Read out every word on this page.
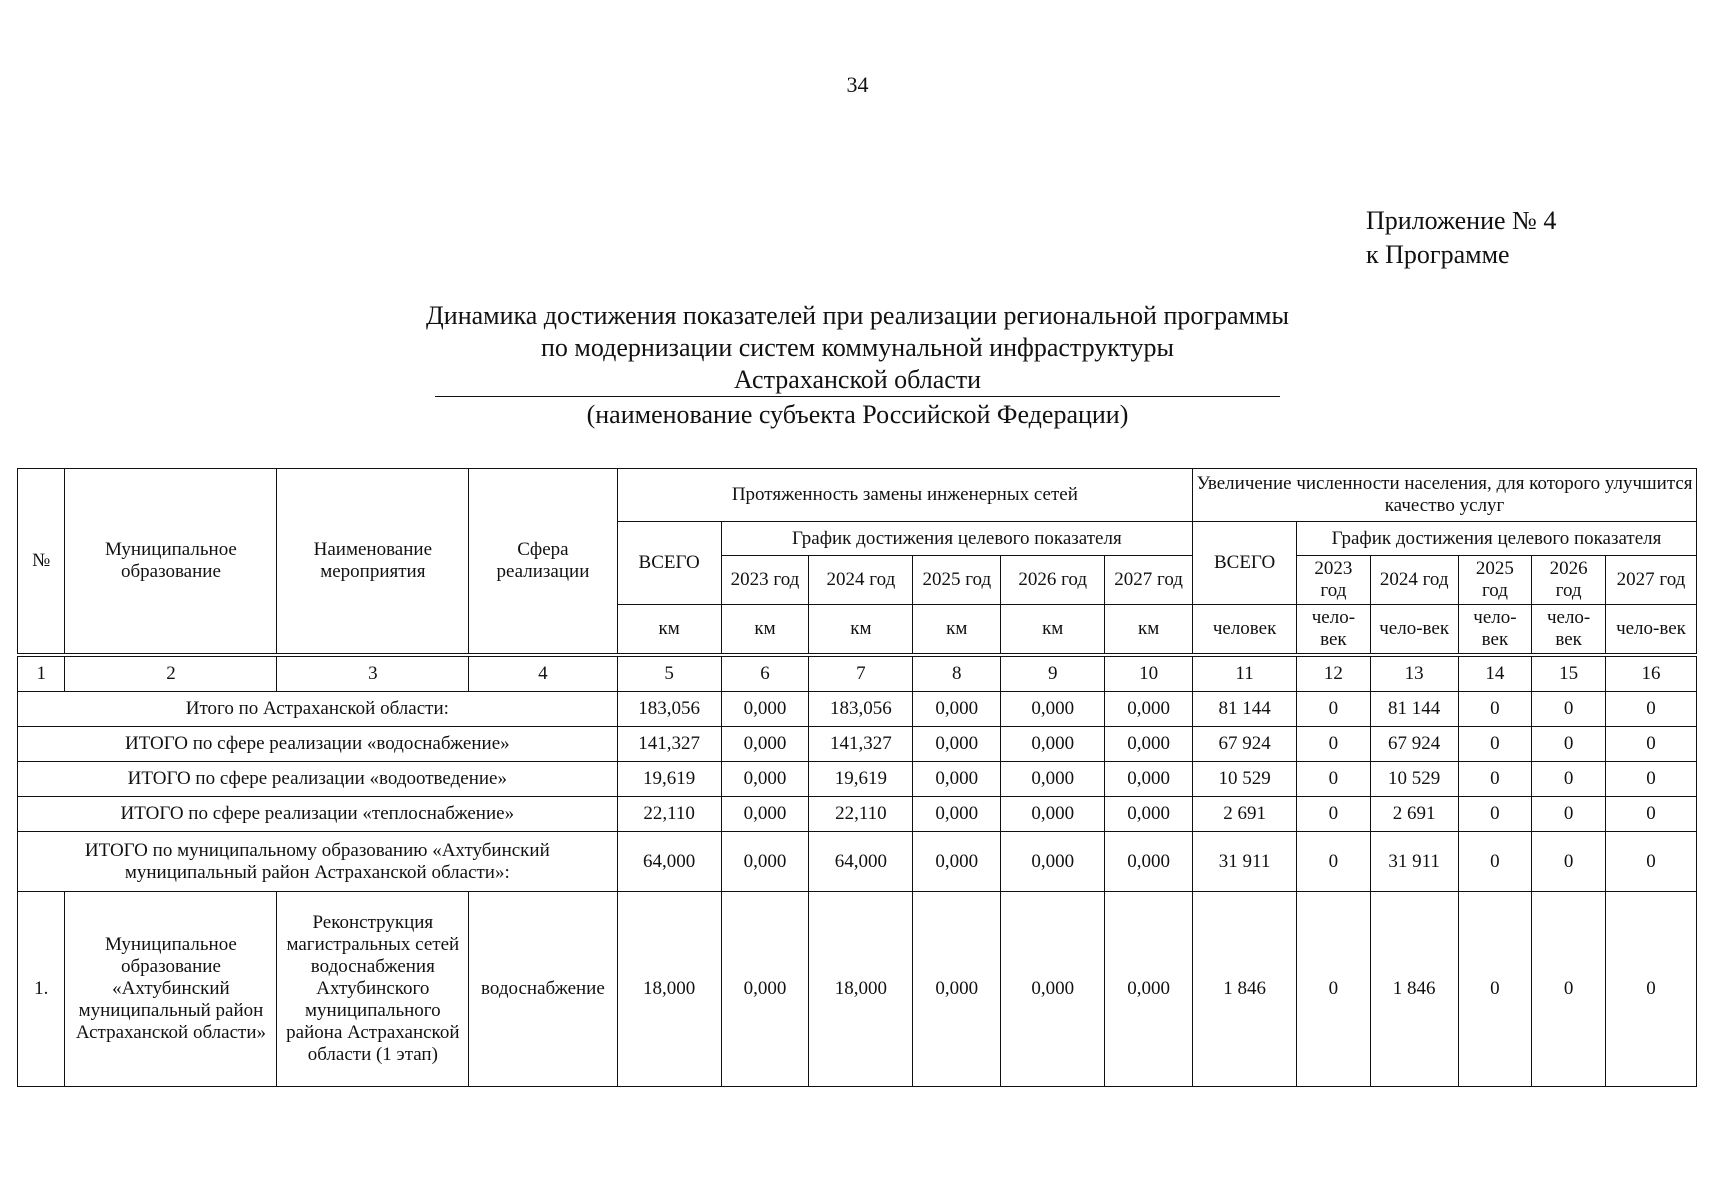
34
Приложение № 4
к Программе
Динамика достижения показателей при реализации региональной программы
по модернизации систем коммунальной инфраструктуры
Астраханской области
(наименование субъекта Российской Федерации)
№	Муниципальное образование	Наименование мероприятия	Сфера реализации	Протяженность замены инженерных сетей						Увеличение численности населения, для которого улучшится качество услуг					
				ВСЕГО	График достижения целевого показателя					ВСЕГО	График достижения целевого показателя				
					2023 год	2024 год	2025 год	2026 год	2027 год		2023 год	2024 год	2025 год	2026 год	2027 год
				км	км	км	км	км	км	человек	чело-век	чело-век	чело-век	чело-век	чело-век
1	2	3	4	5	6	7	8	9	10	11	12	13	14	15	16
Итого по Астраханской области:				183,056	0,000	183,056	0,000	0,000	0,000	81 144	0	81 144	0	0	0
ИТОГО по сфере реализации «водоснабжение»				141,327	0,000	141,327	0,000	0,000	0,000	67 924	0	67 924	0	0	0
ИТОГО по сфере реализации «водоотведение»				19,619	0,000	19,619	0,000	0,000	0,000	10 529	0	10 529	0	0	0
ИТОГО по сфере реализации «теплоснабжение»				22,110	0,000	22,110	0,000	0,000	0,000	2 691	0	2 691	0	0	0
ИТОГО по муниципальному образованию «Ахтубинский муниципальный район Астраханской области»:				64,000	0,000	64,000	0,000	0,000	0,000	31 911	0	31 911	0	0	0
1.	Муниципальное образование «Ахтубинский муниципальный район Астраханской области»	Реконструкция магистральных сетей водоснабжения Ахтубинского муниципального района Астраханской области (1 этап)	водоснабжение	18,000	0,000	18,000	0,000	0,000	0,000	1 846	0	1 846	0	0	0
